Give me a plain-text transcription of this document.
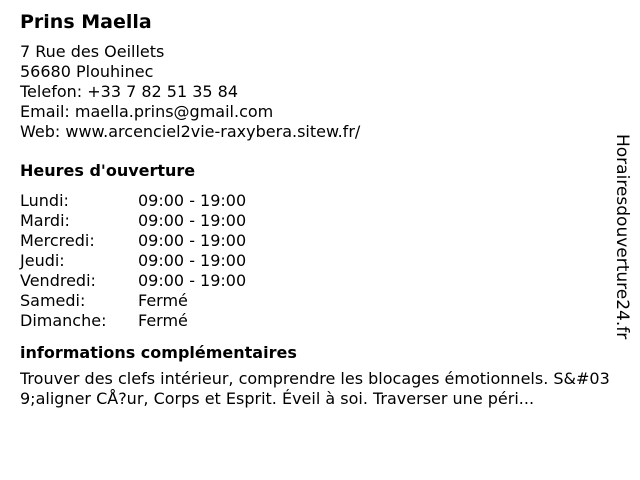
Prins Maella
7 Rue des Oeillets
56680 Plouhinec
Telefon: +33 7 82 51 35 84
Email: maella.prins@gmail.com
Web: www.arcenciel2vie-raxybera.sitew.fr/
Heures d'ouverture
Lundi:	09:00 - 19:00
Mardi:	09:00 - 19:00
Mercredi:	09:00 - 19:00
Jeudi:	09:00 - 19:00
Vendredi:	09:00 - 19:00
Samedi:	Fermé
Dimanche:	Fermé
informations complémentaires
Trouver des clefs intérieur, comprendre les blocages émotionnels. S&#039;aligner CÅ?ur, Corps et Esprit. Éveil à soi. Traverser une péri...
Horairesdouverture24.fr
